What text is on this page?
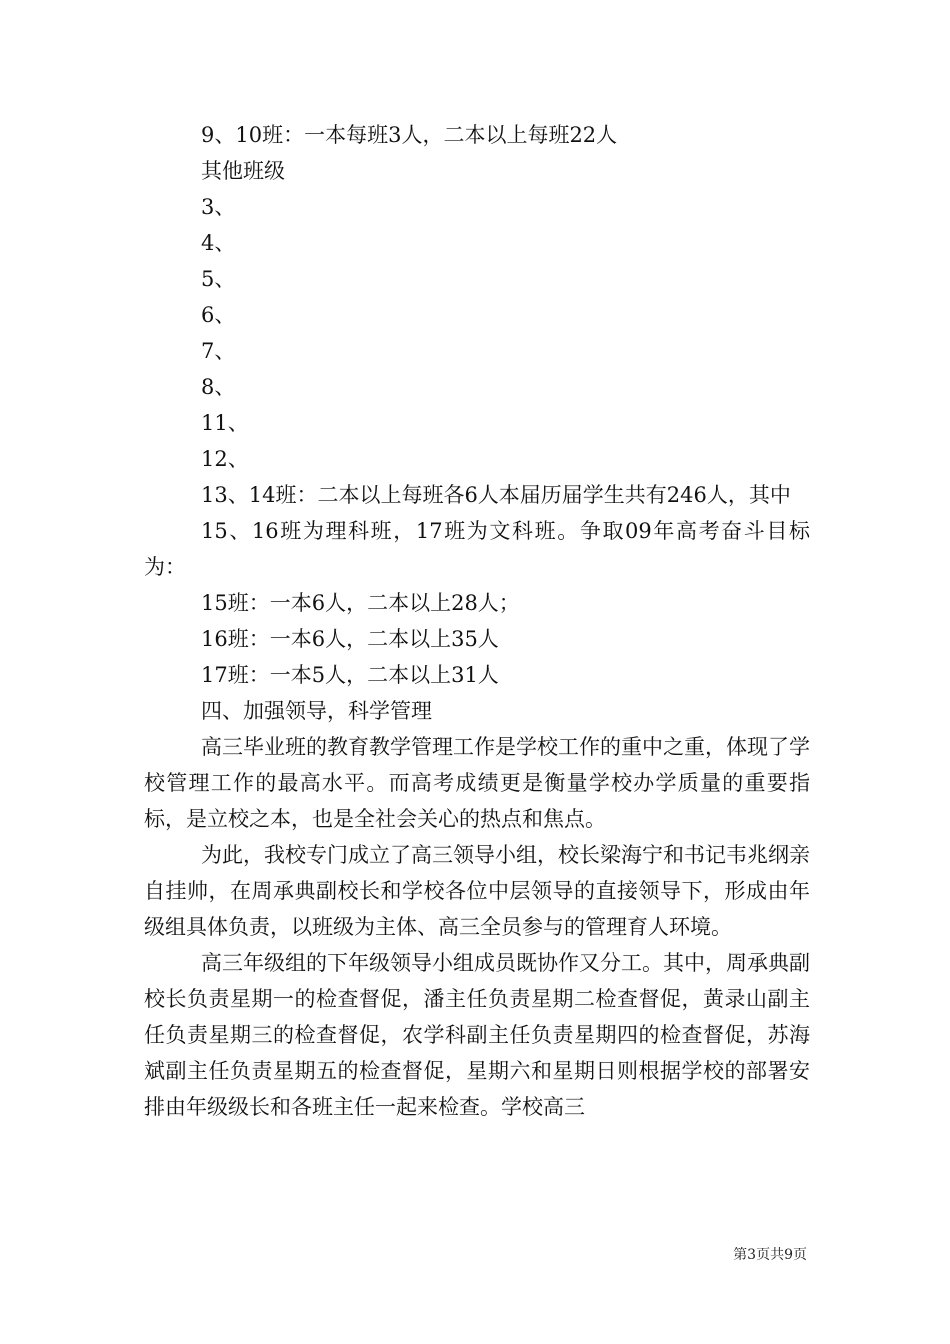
9、10班：一本每班3人，二本以上每班22人
其他班级
3、
4、
5、
6、
7、
8、
11、
12、

13、14班：二本以上每班各6人本届历届学生共有246人，其中

15、16班为理科班，17班为文科班。争取09年高考奋斗目标为：

15班：一本6人，二本以上28人；
16班：一本6人，二本以上35人
17班：一本5人，二本以上31人
四、加强领导，科学管理

高三毕业班的教育教学管理工作是学校工作的重中之重，体现了学校管理工作的最高水平。而高考成绩更是衡量学校办学质量的重要指标，是立校之本，也是全社会关心的热点和焦点。

为此，我校专门成立了高三领导小组，校长梁海宁和书记韦兆纲亲自挂帅，在周承典副校长和学校各位中层领导的直接领导下，形成由年级组具体负责，以班级为主体、高三全员参与的管理育人环境。

高三年级组的下年级领导小组成员既协作又分工。其中，周承典副校长负责星期一的检查督促，潘主任负责星期二检查督促，黄录山副主任负责星期三的检查督促，农学科副主任负责星期四的检查督促，苏海斌副主任负责星期五的检查督促，星期六和星期日则根据学校的部署安排由年级级长和各班主任一起来检查。学校高三

第3页共9页
